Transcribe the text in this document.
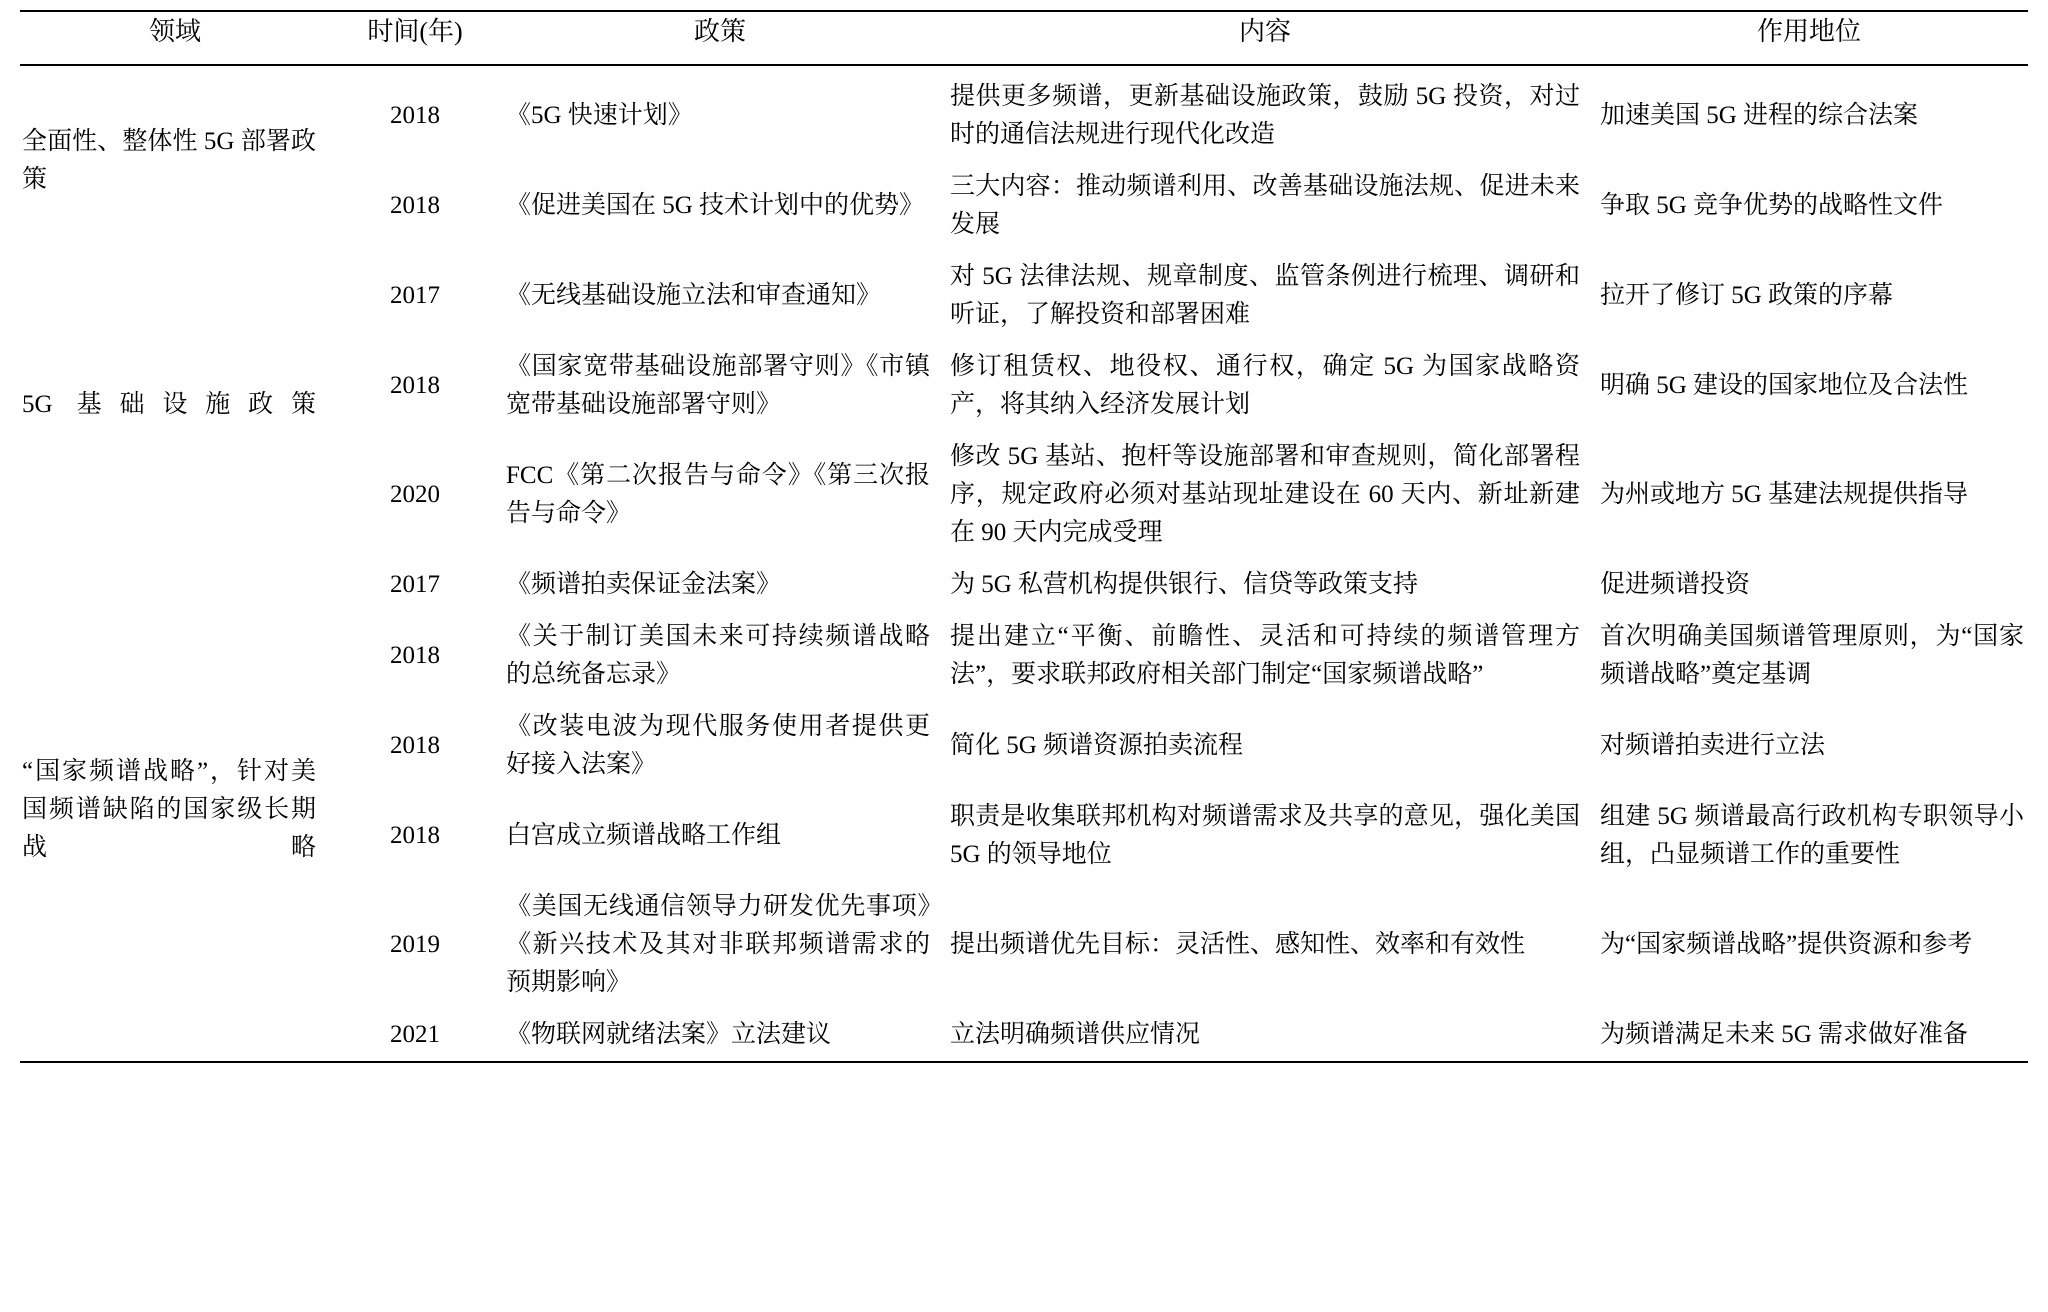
领域	时间(年)	政策	内容	作用地位
全面性、整体性 5G 部署政策	2018	《5G 快速计划》	提供更多频谱，更新基础设施政策，鼓励 5G 投资，对过时的通信法规进行现代化改造	加速美国 5G 进程的综合法案
	2018	《促进美国在 5G 技术计划中的优势》	三大内容：推动频谱利用、改善基础设施法规、促进未来发展	争取 5G 竞争优势的战略性文件
5G 基础设施政策	2017	《无线基础设施立法和审查通知》	对 5G 法律法规、规章制度、监管条例进行梳理、调研和听证，了解投资和部署困难	拉开了修订 5G 政策的序幕
	2018	《国家宽带基础设施部署守则》《市镇宽带基础设施部署守则》	修订租赁权、地役权、通行权，确定 5G 为国家战略资产，将其纳入经济发展计划	明确 5G 建设的国家地位及合法性
	2020	FCC《第二次报告与命令》《第三次报告与命令》	修改 5G 基站、抱杆等设施部署和审查规则，简化部署程序，规定政府必须对基站现址建设在 60 天内、新址新建在 90 天内完成受理	为州或地方 5G 基建法规提供指导
“国家频谱战略”，针对美国频谱缺陷的国家级长期战略	2017	《频谱拍卖保证金法案》	为 5G 私营机构提供银行、信贷等政策支持	促进频谱投资
	2018	《关于制订美国未来可持续频谱战略的总统备忘录》	提出建立“平衡、前瞻性、灵活和可持续的频谱管理方法”，要求联邦政府相关部门制定“国家频谱战略”	首次明确美国频谱管理原则，为“国家频谱战略”奠定基调
	2018	《改装电波为现代服务使用者提供更好接入法案》	简化 5G 频谱资源拍卖流程	对频谱拍卖进行立法
	2018	白宫成立频谱战略工作组	职责是收集联邦机构对频谱需求及共享的意见，强化美国 5G 的领导地位	组建 5G 频谱最高行政机构专职领导小组，凸显频谱工作的重要性
	2019	《美国无线通信领导力研发优先事项》《新兴技术及其对非联邦频谱需求的预期影响》	提出频谱优先目标：灵活性、感知性、效率和有效性	为“国家频谱战略”提供资源和参考
	2021	《物联网就绪法案》立法建议	立法明确频谱供应情况	为频谱满足未来 5G 需求做好准备
